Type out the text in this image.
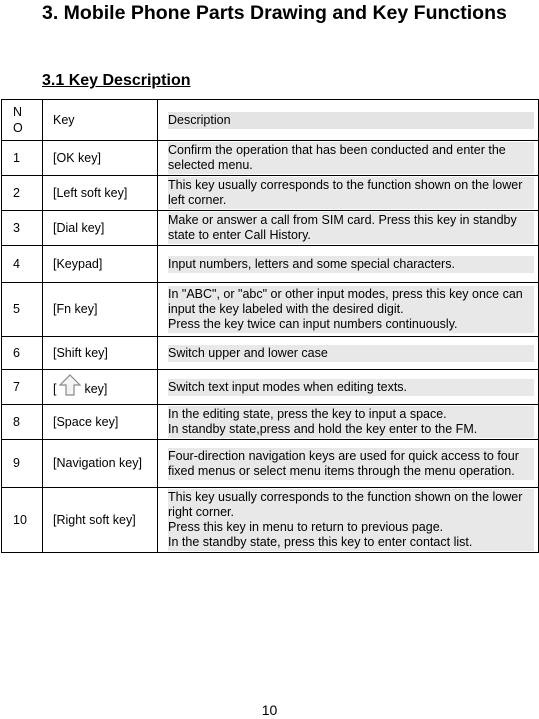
3. Mobile Phone Parts Drawing and Key Functions
3.1 Key Description
N O	Key	Description

1	[OK key]	Confirm the operation that has been conducted and enter the selected menu.

2	[Left soft key]	This key usually corresponds to the function shown on the lower left corner.

3	[Dial key]	Make or answer a call from SIM card. Press this key in standby state to enter Call History.

4	[Keypad]	Input numbers, letters and some special characters.

5	[Fn key]	In "ABC", or "abc" or other input modes, press this key once can input the key labeled with the desired digit.
Press the key twice can input numbers continuously.

6	[Shift key]	Switch upper and lower case

7	[ key]	Switch text input modes when editing texts.

8	[Space key]	In the editing state, press the key to input a space.
In standby state,press and hold the key enter to the FM.

9	[Navigation key]	Four-direction navigation keys are used for quick access to four fixed menus or select menu items through the menu operation.

10	[Right soft key]	This key usually corresponds to the function shown on the lower right corner.
Press this key in menu to return to previous page.
In the standby state, press this key to enter contact list.
10
